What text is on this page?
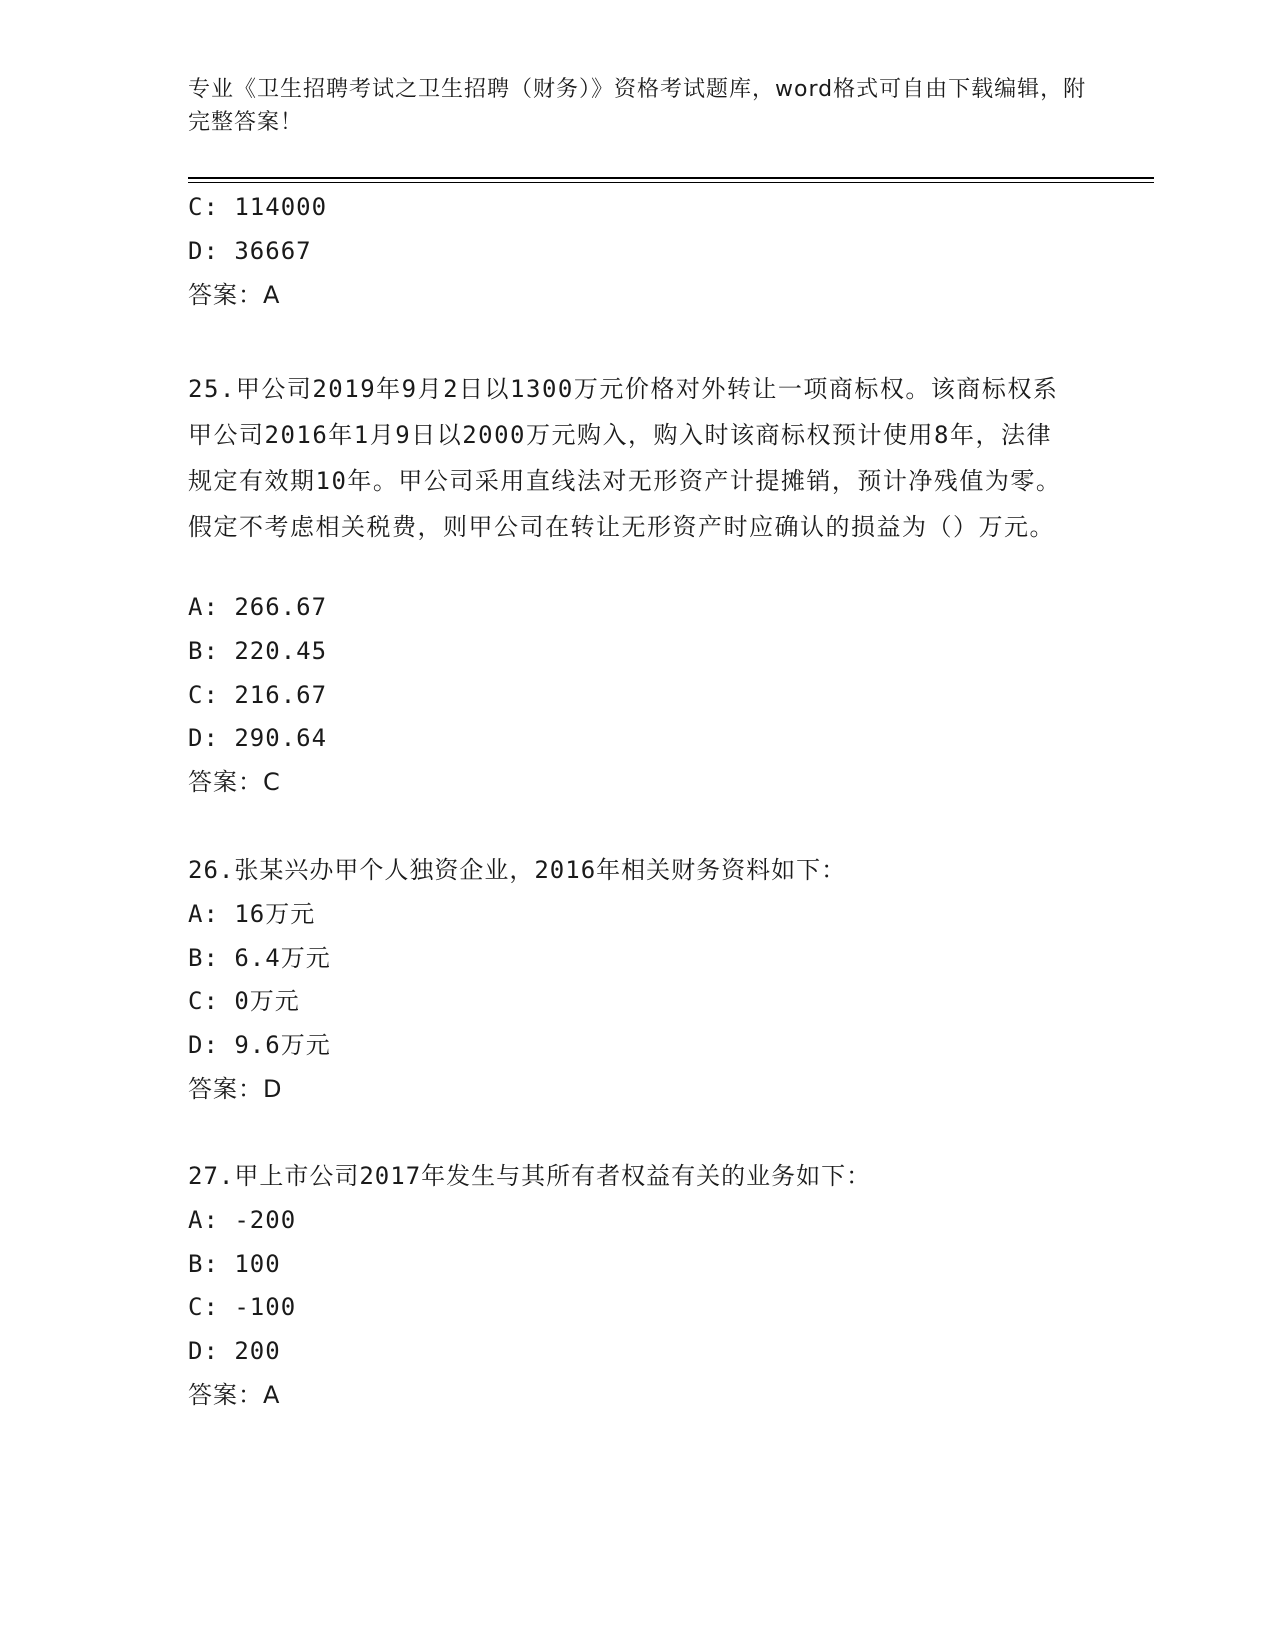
专业《卫生招聘考试之卫生招聘（财务）》资格考试题库，word格式可自由下载编辑，附完整答案！
C: 114000
D: 36667
答案：A
25.甲公司2019年9月2日以1300万元价格对外转让一项商标权。该商标权系甲公司2016年1月9日以2000万元购入，购入时该商标权预计使用8年，法律规定有效期10年。甲公司采用直线法对无形资产计提摊销，预计净残值为零。假定不考虑相关税费，则甲公司在转让无形资产时应确认的损益为（）万元。
A: 266.67
B: 220.45
C: 216.67
D: 290.64
答案：C
26.张某兴办甲个人独资企业，2016年相关财务资料如下：
A: 16万元
B: 6.4万元
C: 0万元
D: 9.6万元
答案：D
27.甲上市公司2017年发生与其所有者权益有关的业务如下：
A: -200
B: 100
C: -100
D: 200
答案：A
